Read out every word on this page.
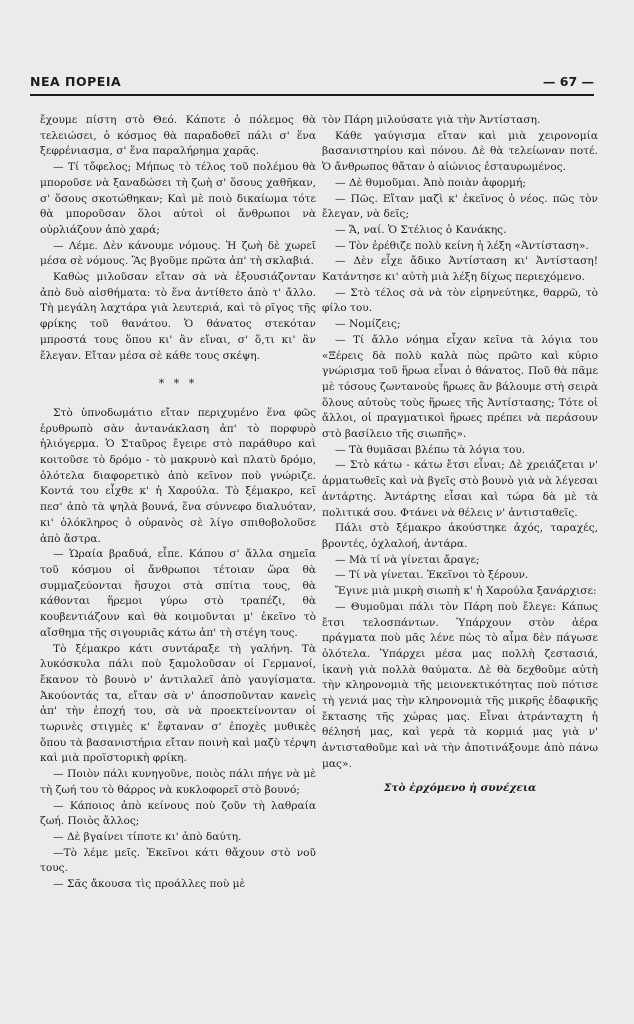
ΝΕΑ ΠΟΡΕΙΑ	— 67 —

ἔχουμε πίστη στὸ Θεό. Κάποτε ὁ πόλεμος θὰ τελειώσει, ὁ κόσμος θὰ παραδοθεῖ πάλι σ' ἕνα ξεφρένιασμα, σ' ἕνα παραλήρημα χαρᾶς.

— Τί τὄφελος; Μήπως τὸ τέλος τοῦ πολέμου θὰ μποροῦσε νὰ ξαναδώσει τὴ ζωὴ σ' ὅσους χαθῆκαν, σ' ὅσους σκοτώθηκαν; Καὶ μὲ ποιὸ δικαίωμα τότε θὰ μποροῦσαν ὅλοι αὐτοὶ οἱ ἄνθρωποι νὰ οὐρλιάζουν ἀπὸ χαρά;

— Λέμε. Δὲν κάνουμε νόμους. Ἡ ζωὴ δὲ χωρεῖ μέσα σὲ νόμους. Ἂς βγοῦμε πρῶτα ἀπ' τὴ σκλαβιά.

Καθὼς μιλοῦσαν εἴταν σὰ νὰ ἐξουσιάζονταν ἀπὸ δυὸ αἰσθήματα: τὸ ἕνα ἀντίθετο ἀπὸ τ' ἄλλο. Τὴ μεγάλη λαχτάρα γιὰ λευτεριά, καὶ τὸ ρῖγος τῆς φρίκης τοῦ θανάτου. Ὁ θάνατος στεκόταν μπροστά τους ὅπου κι' ἂν εἴναι, σ' ὅ,τι κι' ἂν ἔλεγαν. Εἴταν μέσα σὲ κάθε τους σκέψη.

* * *

Στὸ ὑπνοδωμάτιο εἴταν περιχυμένο ἕνα φῶς ἐρυθρωπὸ σὰν ἀντανάκλαση ἀπ' τὸ πορφυρὸ ἡλιόγερμα. Ὁ Σταῦρος ἔγειρε στὸ παράθυρο καὶ κοιτοῦσε τὸ δρόμο - τὸ μακρυνὸ καὶ πλατὺ δρόμο, ὁλότελα διαφορετικὸ ἀπὸ κεῖνον ποὺ γνώριζε. Κοντά του εἶχθε κ' ἡ Χαρούλα. Τὸ ξέμακρο, κεῖ πεσ' ἀπὸ τὰ ψηλὰ βουνά, ἕνα σύννεφο διαλυόταν, κι' ὁλόκληρος ὁ οὐρανὸς σὲ λίγο σπιθοβολοῦσε ἀπὸ ἄστρα.

— Ὡραία βραδυά, εἶπε. Κάπου σ' ἄλλα σημεῖα τοῦ κόσμου οἱ ἄνθρωποι τέτοιαν ὥρα θὰ συμμαζεύονται ἥσυχοι στὰ σπίτια τους, θὰ κάθονται ἥρεμοι γύρω στὸ τραπέζι, θὰ κουβεντιάζουν καὶ θὰ κοιμοῦνται μ' ἐκεῖνο τὸ αἴσθημα τῆς σιγουριᾶς κάτω ἀπ' τὴ στέγη τους.

Τὸ ξέμακρο κάτι συντάραξε τὴ γαλήνη. Τὰ λυκόσκυλα πάλι ποὺ ξαμολοῦσαν οἱ Γερμανοί, ἔκανον τὸ βουνὸ ν' ἀντιλαλεῖ ἀπὸ γαυγίσματα. Ἀκούοντάς τα, εἴταν σὰ ν' ἀποσποῦνταν κανεὶς ἀπ' τὴν ἐποχή του, σὰ νὰ προεκτείνονταν οἱ τωρινὲς στιγμὲς κ' ἔφταναν σ' ἐποχὲς μυθικὲς ὅπου τὰ βασανιστήρια εἴταν ποινὴ καὶ μαζὺ τέρψη καὶ μιὰ προϊστορικὴ φρίκη.

— Ποιὸν πάλι κυνηγοῦνε, ποιὸς πάλι πήγε νὰ μὲ τὴ ζωή του τὸ θάρρος νὰ κυκλοφορεῖ στὸ βουνό;

— Κάποιος ἀπὸ κείνους ποὺ ζοῦν τὴ λαθραία ζωή. Ποιὸς ἄλλος;

— Δὲ βγαίνει τίποτε κι' ἀπὸ δαύτη.

—Τὸ λέμε μεῖς. Ἐκεῖνοι κάτι θἄχουν στὸ νοῦ τους.

— Σᾶς ἄκουσα τὶς προάλλες ποὺ μὲ

τὸν Πάρη μιλούσατε γιὰ τὴν Ἀντίσταση.

Κάθε γαύγισμα εἴταν καὶ μιὰ χειρονομία βασανιστηρίου καὶ πόνου. Δὲ θὰ τελείωναν ποτέ. Ὁ ἄνθρωπος θἄταν ὁ αἰώνιος ἐσταυρωμένος.

— Δὲ θυμοῦμαι. Ἀπὸ ποιὰν ἀφορμή;

— Πῶς. Εἴταν μαζὶ κ' ἐκεῖνος ὁ νέος. πῶς τὸν ἔλεγαν, νὰ δεῖς;

— Ἄ, ναί. Ὁ Στέλιος ὁ Κανάκης.

— Τὸν ἐρέθιζε πολὺ κείνη ἡ λέξη «Ἀντίσταση».

— Δὲν εἶχε ἄδικο Ἀντίσταση κι' Ἀντίσταση! Κατάντησε κι' αὐτὴ μιὰ λέξη δίχως περιεχόμενο.

— Στὸ τέλος σὰ νὰ τὸν εἰρηνεύτηκε, θαρρῶ, τὸ φίλο του.

— Νομίζεις;

— Τί ἄλλο νόημα εἶχαν κεῖνα τὰ λόγια του «Ξέρεις δὰ πολὺ καλὰ πὼς πρῶτο καὶ κύριο γνώρισμα τοῦ ἥρωα εἶναι ὁ θάνατος. Ποῦ θὰ πᾶμε μὲ τόσους ζωντανοὺς ἥρωες ἂν βάλουμε στὴ σειρὰ ὅλους αὐτοὺς τοὺς ἥρωες τῆς Ἀντίστασης; Τότε οἱ ἄλλοι, οἱ πραγματικοὶ ἥρωες πρέπει νὰ περάσουν στὸ βασίλειο τῆς σιωπῆς».

— Τὰ θυμᾶσαι βλέπω τὰ λόγια του.

— Στὸ κάτω - κάτω ἔτσι εἶναι; Δὲ χρειάζεται ν' ἀρματωθεῖς καὶ νὰ βγεῖς στὸ βουνὸ γιὰ νὰ λέγεσαι ἀντάρτης. Ἀντάρτης εἶσαι καὶ τώρα δὰ μὲ τὰ πολιτικά σου. Φτάνει νὰ θέλεις ν' ἀντισταθεῖς.

Πάλι στὸ ξέμακρο ἀκούστηκε ἀχός, ταραχές, βροντές, ὀχλαλοή, ἀντάρα.

— Μὰ τί νὰ γίνεται ἄραγε;

— Τί νὰ γίνεται. Ἐκεῖνοι τὸ ξέρουν.

Ἔγινε μιὰ μικρὴ σιωπὴ κ' ἡ Χαρούλα ξανάρχισε:

— Θυμοῦμαι πάλι τὸν Πάρη ποὺ ἔλεγε: Κάπως ἔτσι τελοσπάντων. Ὑπάρχουν στὸν ἀέρα πράγματα ποὺ μᾶς λένε πὼς τὸ αἷμα δὲν πάγωσε ὁλότελα. Ὑπάρχει μέσα μας πολλὴ ζεστασιά, ἱκανὴ γιὰ πολλὰ θαύματα. Δὲ θὰ δεχθοῦμε αὐτὴ τὴν κληρονομιὰ τῆς μειονεκτικότητας ποὺ πότισε τὴ γενιά μας τὴν κληρονομιὰ τῆς μικρῆς ἐδαφικῆς ἔκτασης τῆς χώρας μας. Εἶναι ἀτράνταχτη ἡ θέλησή μας, καὶ γερὰ τὰ κορμιά μας γιὰ ν' ἀντισταθοῦμε καὶ νὰ τὴν ἀποτινάξουμε ἀπὸ πάνω μας».

Στὸ ἐρχόμενο ἡ συνέχεια
